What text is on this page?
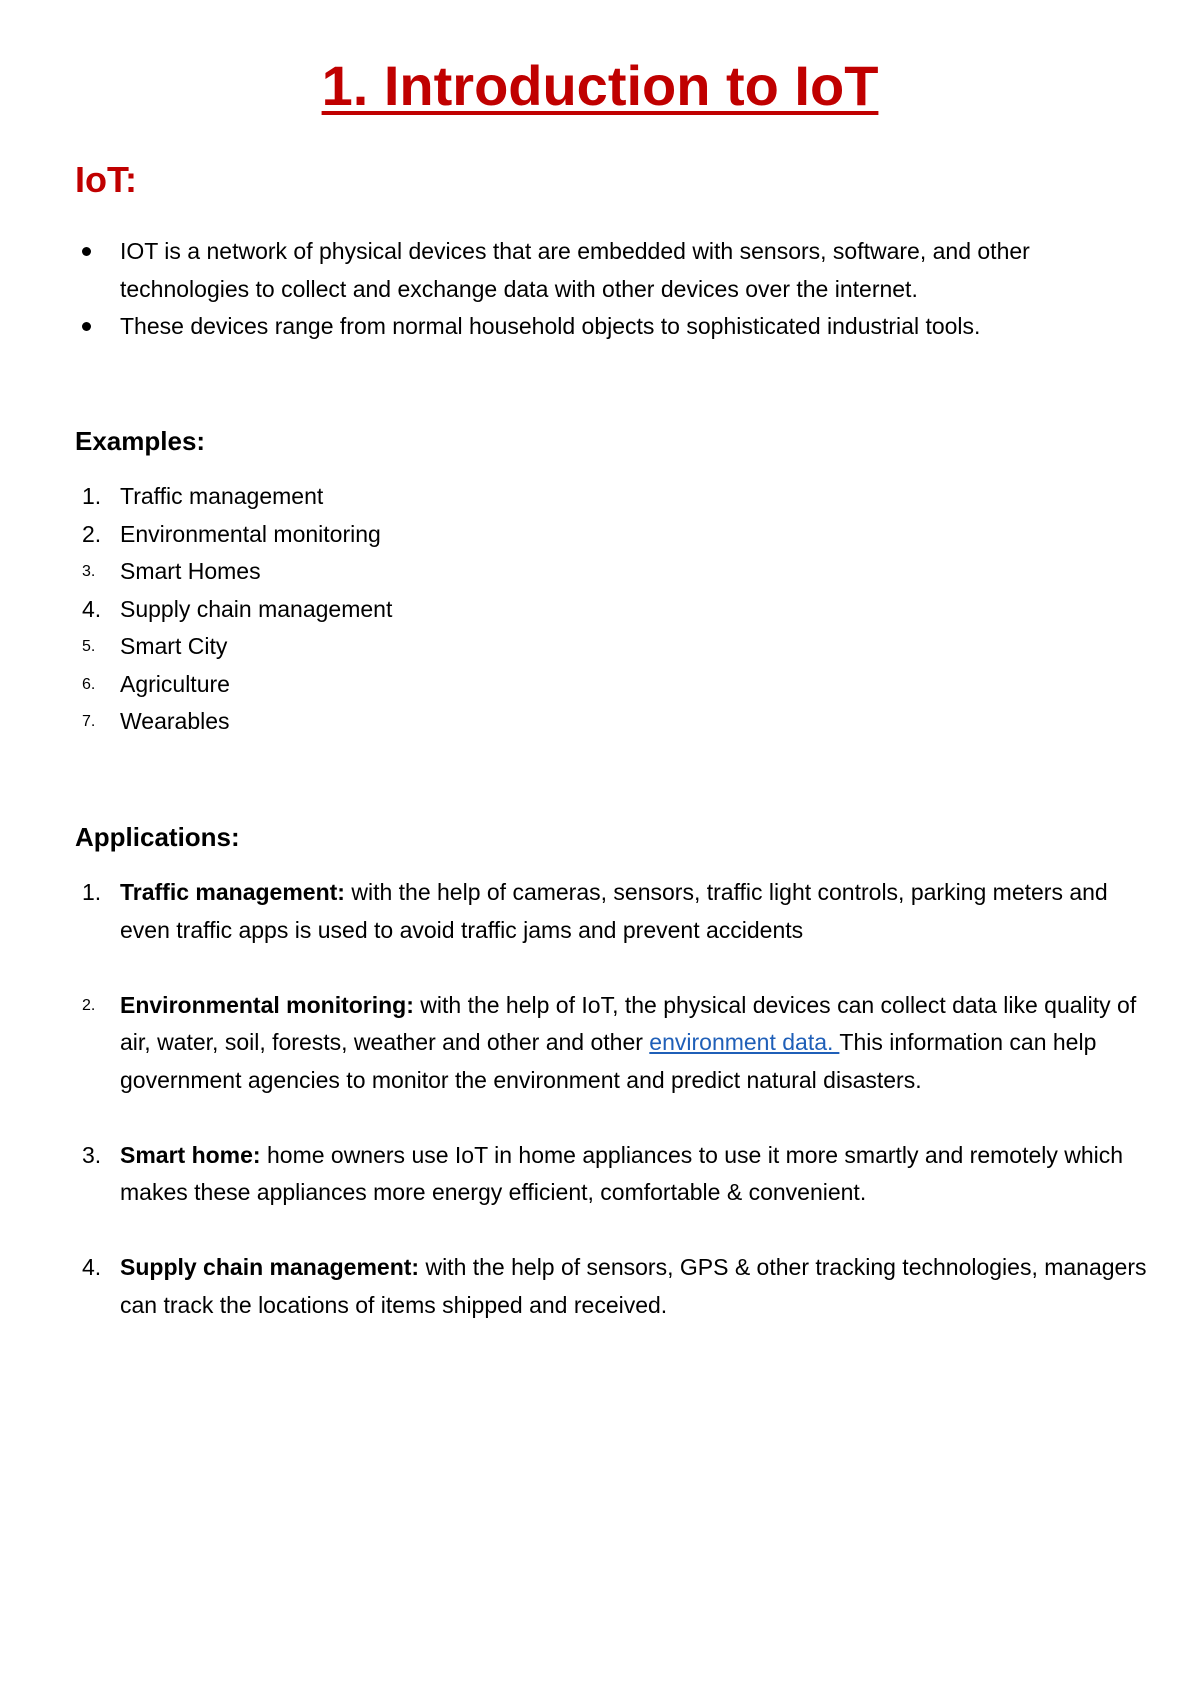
1. Introduction to IoT
IoT:
IOT is a network of physical devices that are embedded with sensors, software, and other technologies to collect and exchange data with other devices over the internet.
These devices range from normal household objects to sophisticated industrial tools.
Examples:
1. Traffic management
2. Environmental monitoring
3. Smart Homes
4. Supply chain management
5. Smart City
6. Agriculture
7. Wearables
Applications:
1. Traffic management: with the help of cameras, sensors, traffic light controls, parking meters and even traffic apps is used to avoid traffic jams and prevent accidents
2. Environmental monitoring: with the help of IoT, the physical devices can collect data like quality of air, water, soil, forests, weather and other and other environment data. This information can help government agencies to monitor the environment and predict natural disasters.
3. Smart home: home owners use IoT in home appliances to use it more smartly and remotely which makes these appliances more energy efficient, comfortable & convenient.
4. Supply chain management: with the help of sensors, GPS & other tracking technologies, managers can track the locations of items shipped and received.
